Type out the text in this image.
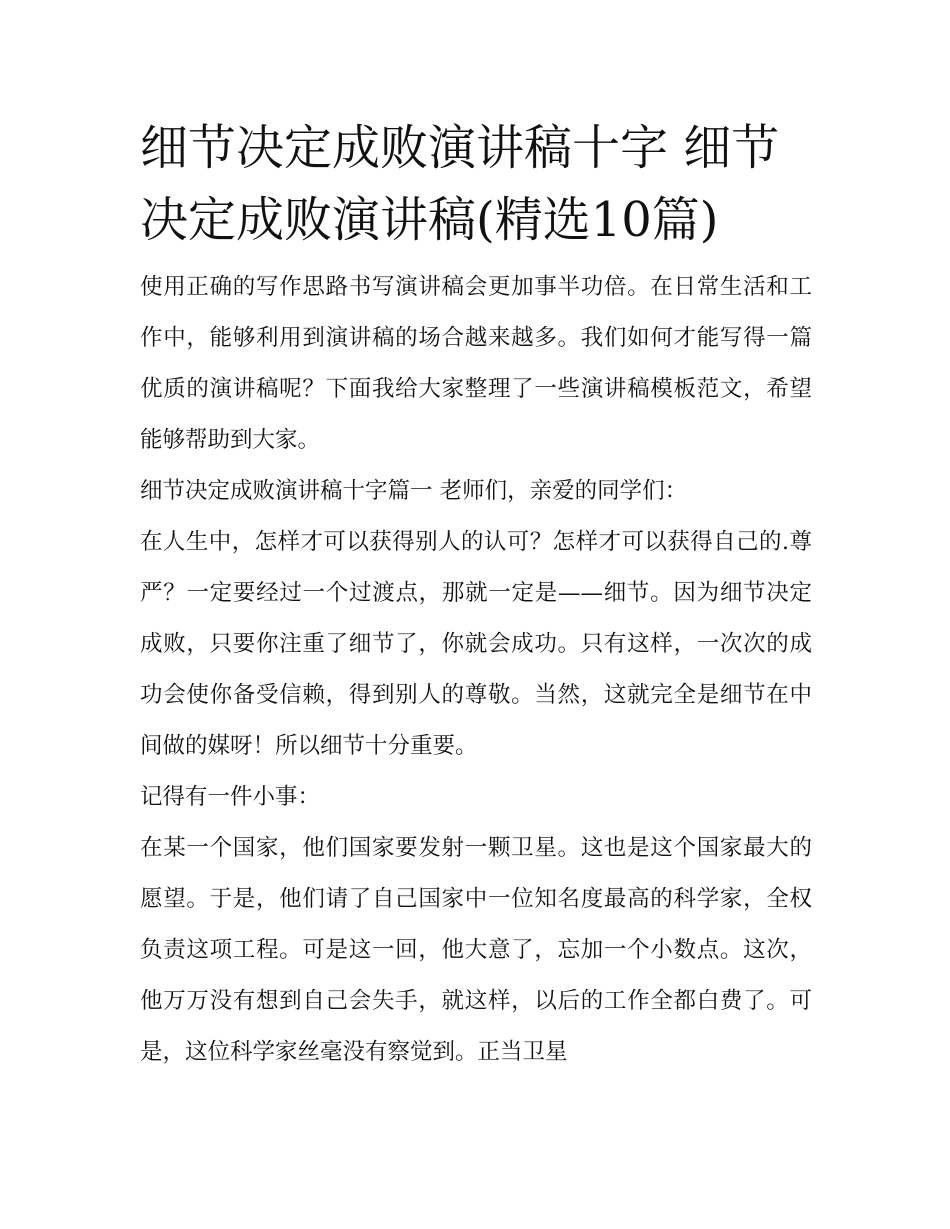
细节决定成败演讲稿十字 细节决定成败演讲稿(精选10篇)

使用正确的写作思路书写演讲稿会更加事半功倍。在日常生活和工作中，能够利用到演讲稿的场合越来越多。我们如何才能写得一篇优质的演讲稿呢？下面我给大家整理了一些演讲稿模板范文，希望能够帮助到大家。

细节决定成败演讲稿十字篇一 老师们，亲爱的同学们：

在人生中，怎样才可以获得别人的认可？怎样才可以获得自己的.尊严？一定要经过一个过渡点，那就一定是——细节。因为细节决定成败，只要你注重了细节了，你就会成功。只有这样，一次次的成功会使你备受信赖，得到别人的尊敬。当然，这就完全是细节在中间做的媒呀！所以细节十分重要。

记得有一件小事：

在某一个国家，他们国家要发射一颗卫星。这也是这个国家最大的愿望。于是，他们请了自己国家中一位知名度最高的科学家，全权负责这项工程。可是这一回，他大意了，忘加一个小数点。这次，他万万没有想到自己会失手，就这样，以后的工作全都白费了。可是，这位科学家丝毫没有察觉到。正当卫星
